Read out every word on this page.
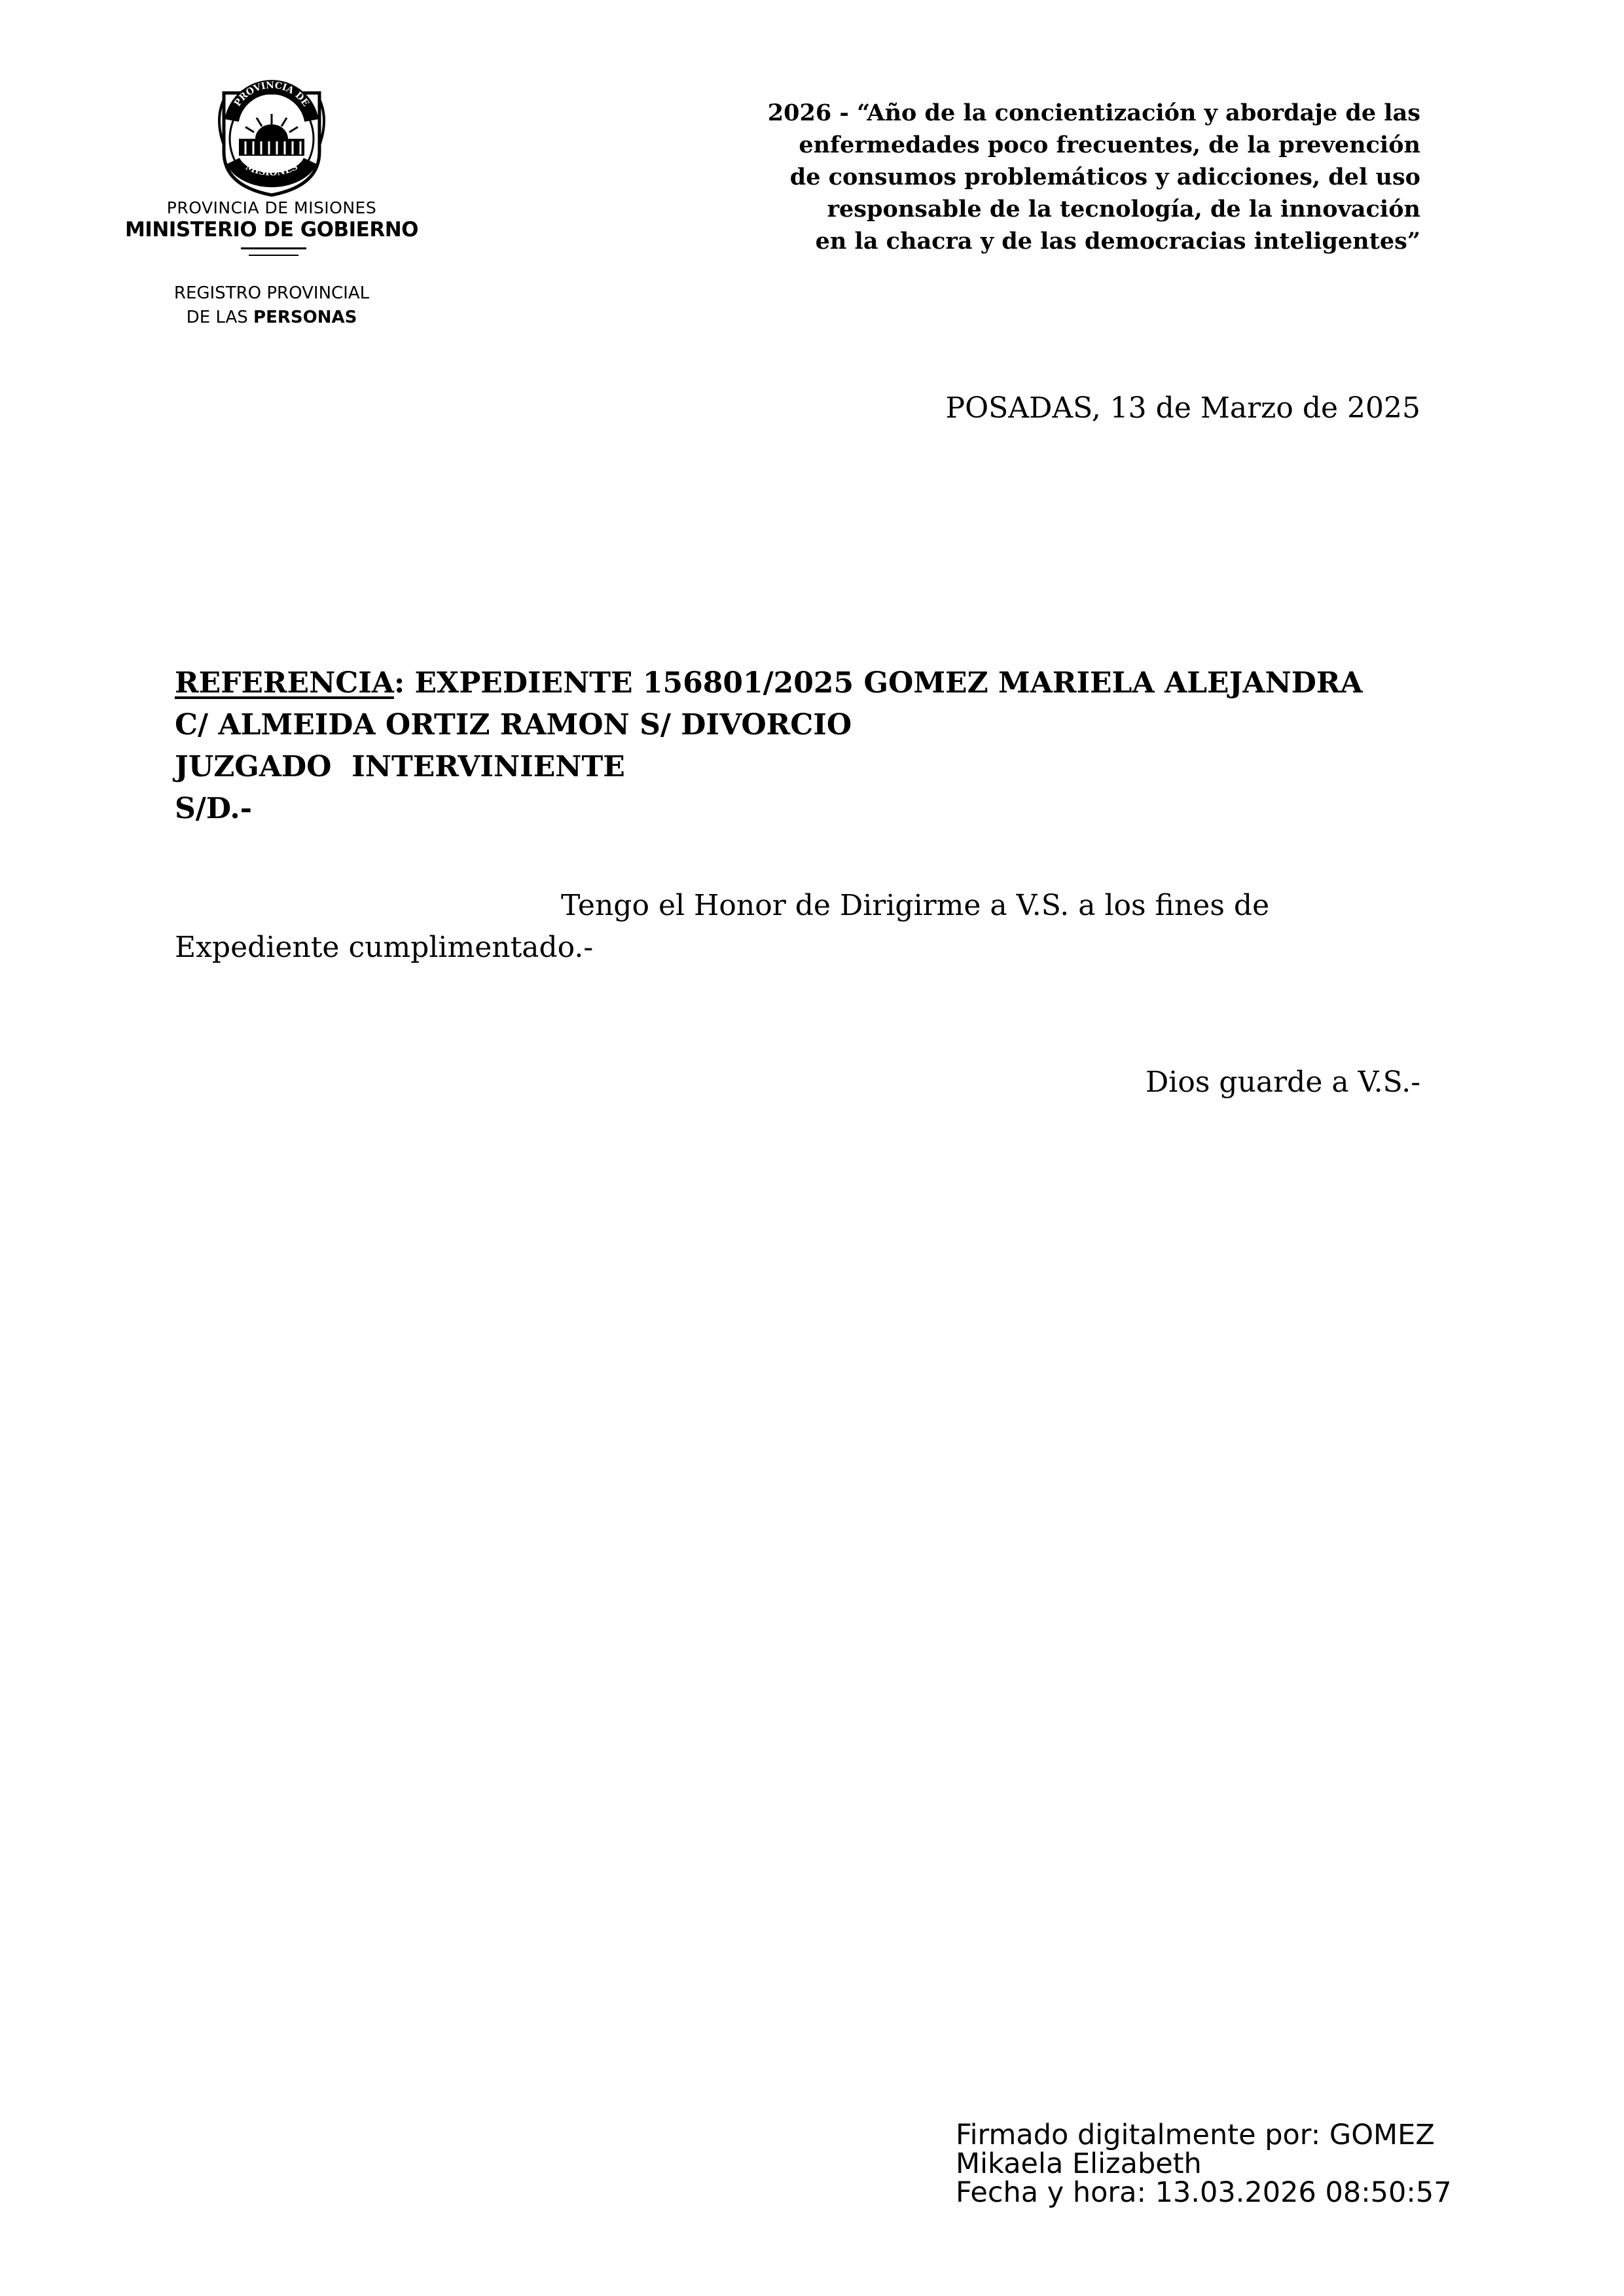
PROVINCIA DE
MISIONES
PROVINCIA DE MISIONES
MINISTERIO DE GOBIERNO
REGISTRO PROVINCIAL
DE LAS PERSONAS
2026 - “Año de la concientización y abordaje de las
enfermedades poco frecuentes, de la prevención
de consumos problemáticos y adicciones, del uso
responsable de la tecnología, de la innovación
en la chacra y de las democracias inteligentes”
POSADAS, 13 de Marzo de 2025
REFERENCIA: EXPEDIENTE 156801/2025 GOMEZ MARIELA ALEJANDRA
C/ ALMEIDA ORTIZ RAMON S/ DIVORCIO
JUZGADO  INTERVINIENTE
S/D.-
Tengo el Honor de Dirigirme a V.S. a los fines de
Expediente cumplimentado.-
Dios guarde a V.S.-
Firmado digitalmente por: GOMEZ
Mikaela Elizabeth
Fecha y hora: 13.03.2026 08:50:57
